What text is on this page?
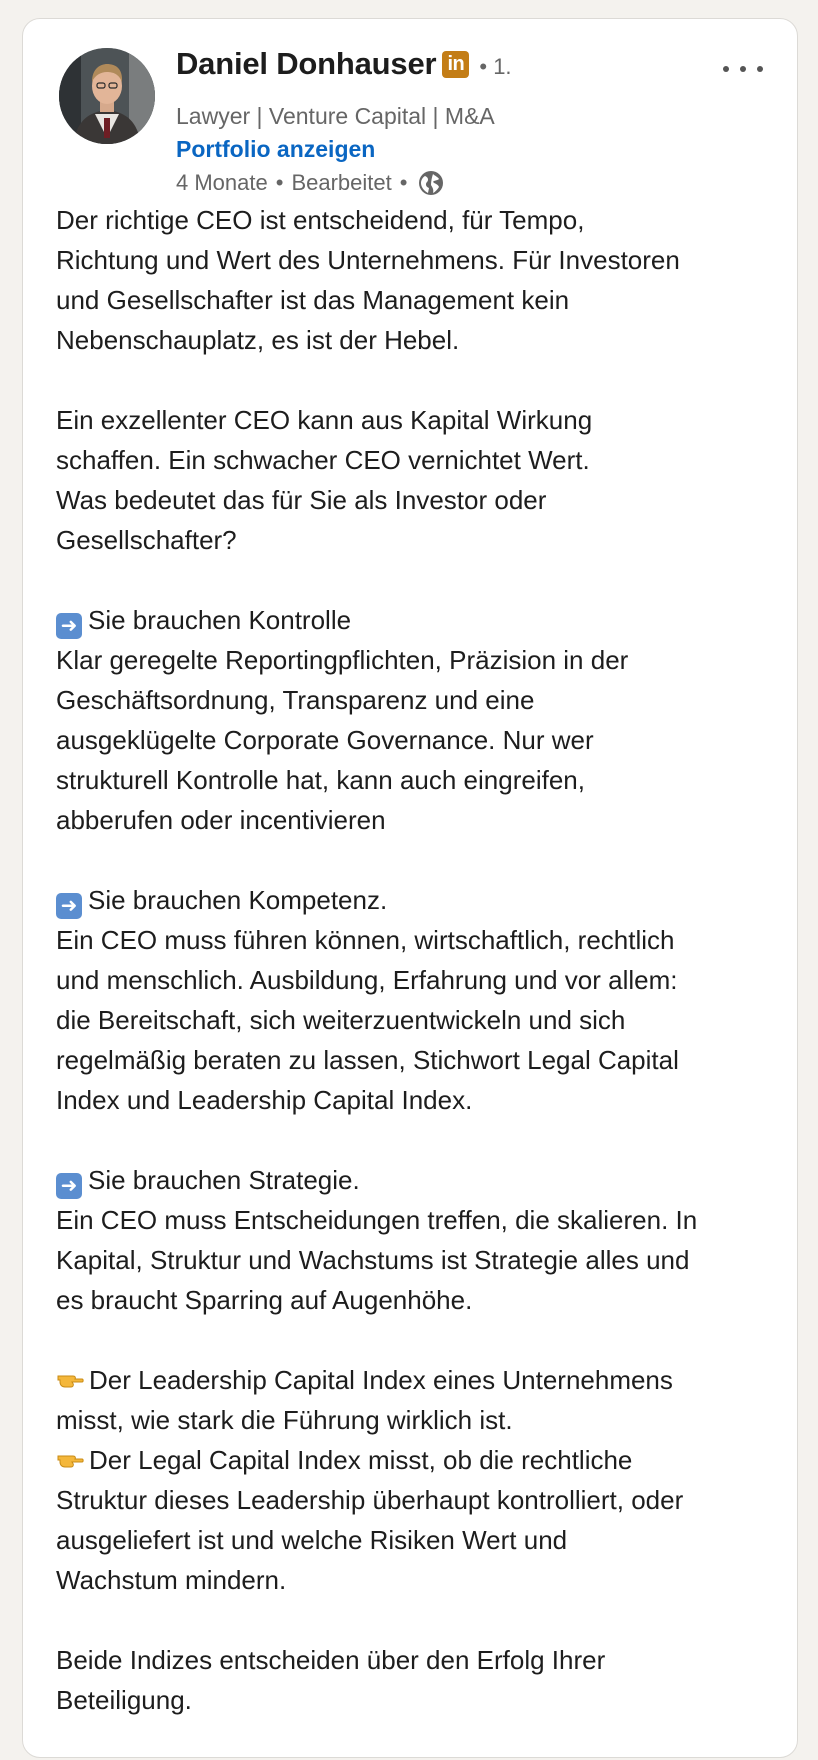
Daniel Donhauser in • 1.
Lawyer | Venture Capital | M&A
Portfolio anzeigen
4 Monate • Bearbeitet •
Der richtige CEO ist entscheidend, für Tempo,
Richtung und Wert des Unternehmens. Für Investoren
und Gesellschafter ist das Management kein
Nebenschauplatz, es ist der Hebel.
Ein exzellenter CEO kann aus Kapital Wirkung
schaffen. Ein schwacher CEO vernichtet Wert.
Was bedeutet das für Sie als Investor oder
Gesellschafter?
➜ Sie brauchen Kontrolle
Klar geregelte Reportingpflichten, Präzision in der
Geschäftsordnung, Transparenz und eine
ausgeklügelte Corporate Governance. Nur wer
strukturell Kontrolle hat, kann auch eingreifen,
abberufen oder incentivieren
➜ Sie brauchen Kompetenz.
Ein CEO muss führen können, wirtschaftlich, rechtlich
und menschlich. Ausbildung, Erfahrung und vor allem:
die Bereitschaft, sich weiterzuentwickeln und sich
regelmäßig beraten zu lassen, Stichwort Legal Capital
Index und Leadership Capital Index.
➜ Sie brauchen Strategie.
Ein CEO muss Entscheidungen treffen, die skalieren. In
Kapital, Struktur und Wachstums ist Strategie alles und
es braucht Sparring auf Augenhöhe.
Der Leadership Capital Index eines Unternehmens
misst, wie stark die Führung wirklich ist.
Der Legal Capital Index misst, ob die rechtliche
Struktur dieses Leadership überhaupt kontrolliert, oder
ausgeliefert ist und welche Risiken Wert und
Wachstum mindern.
Beide Indizes entscheiden über den Erfolg Ihrer
Beteiligung.
